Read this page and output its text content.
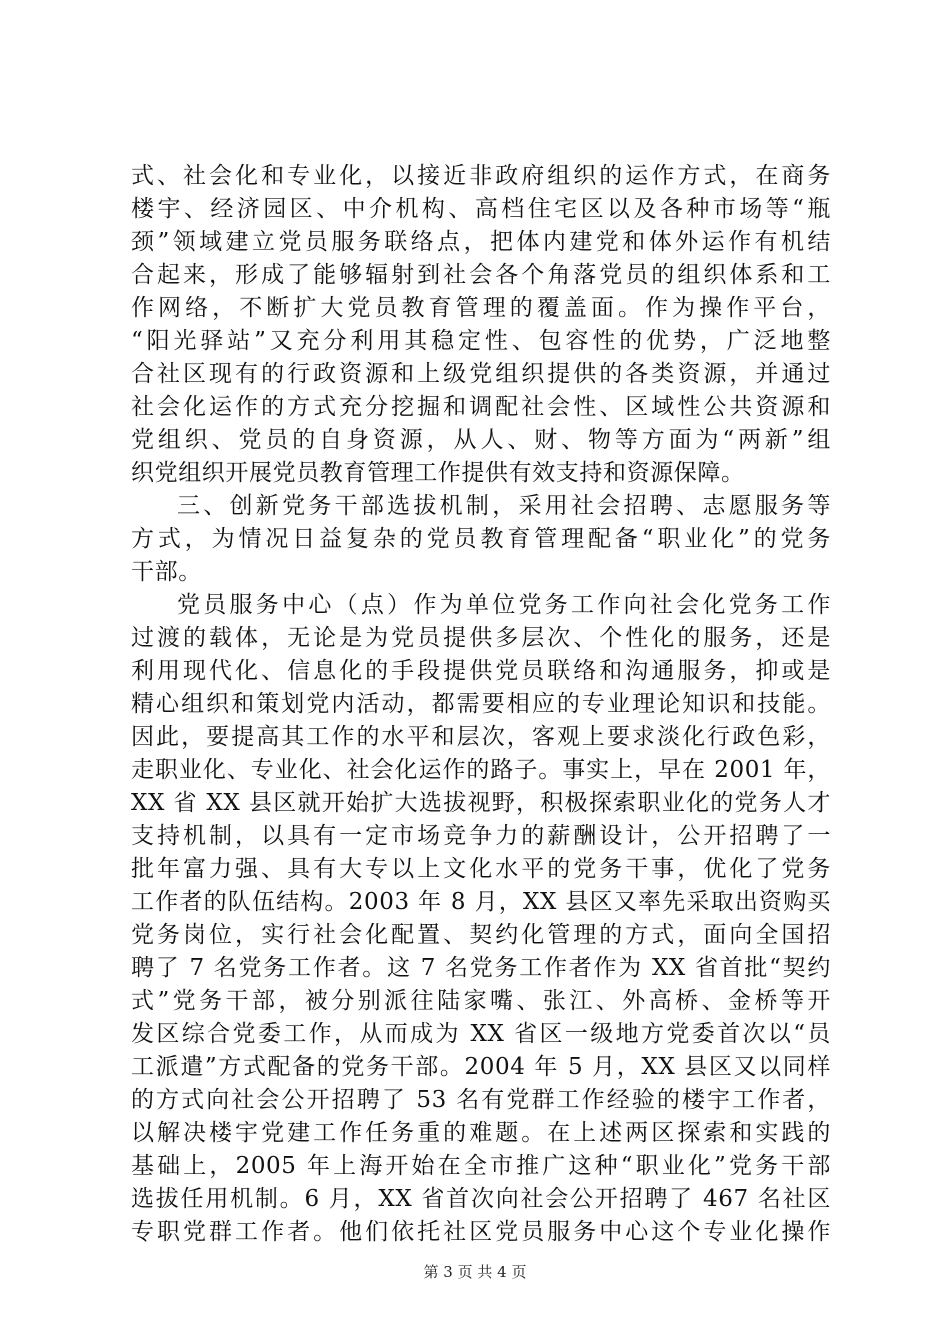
式、社会化和专业化，以接近非政府组织的运作方式，在商务
楼宇、经济园区、中介机构、高档住宅区以及各种市场等“瓶
颈”领域建立党员服务联络点，把体内建党和体外运作有机结
合起来，形成了能够辐射到社会各个角落党员的组织体系和工
作网络，不断扩大党员教育管理的覆盖面。作为操作平台，
“阳光驿站”又充分利用其稳定性、包容性的优势，广泛地整
合社区现有的行政资源和上级党组织提供的各类资源，并通过
社会化运作的方式充分挖掘和调配社会性、区域性公共资源和
党组织、党员的自身资源，从人、财、物等方面为“两新”组
织党组织开展党员教育管理工作提供有效支持和资源保障。
三、创新党务干部选拔机制，采用社会招聘、志愿服务等
方式，为情况日益复杂的党员教育管理配备“职业化”的党务
干部。
党员服务中心（点）作为单位党务工作向社会化党务工作
过渡的载体，无论是为党员提供多层次、个性化的服务，还是
利用现代化、信息化的手段提供党员联络和沟通服务，抑或是
精心组织和策划党内活动，都需要相应的专业理论知识和技能。
因此，要提高其工作的水平和层次，客观上要求淡化行政色彩，
走职业化、专业化、社会化运作的路子。事实上，早在 2001 年，
XX 省 XX 县区就开始扩大选拔视野，积极探索职业化的党务人才
支持机制，以具有一定市场竞争力的薪酬设计，公开招聘了一
批年富力强、具有大专以上文化水平的党务干事，优化了党务
工作者的队伍结构。2003 年 8 月，XX 县区又率先采取出资购买
党务岗位，实行社会化配置、契约化管理的方式，面向全国招
聘了 7 名党务工作者。这 7 名党务工作者作为 XX 省首批“契约
式”党务干部，被分别派往陆家嘴、张江、外高桥、金桥等开
发区综合党委工作，从而成为 XX 省区一级地方党委首次以“员
工派遣”方式配备的党务干部。2004 年 5 月，XX 县区又以同样
的方式向社会公开招聘了 53 名有党群工作经验的楼宇工作者，
以解决楼宇党建工作任务重的难题。在上述两区探索和实践的
基础上，2005 年上海开始在全市推广这种“职业化”党务干部
选拔任用机制。6 月，XX 省首次向社会公开招聘了 467 名社区
专职党群工作者。他们依托社区党员服务中心这个专业化操作
第 3 页 共 4 页
